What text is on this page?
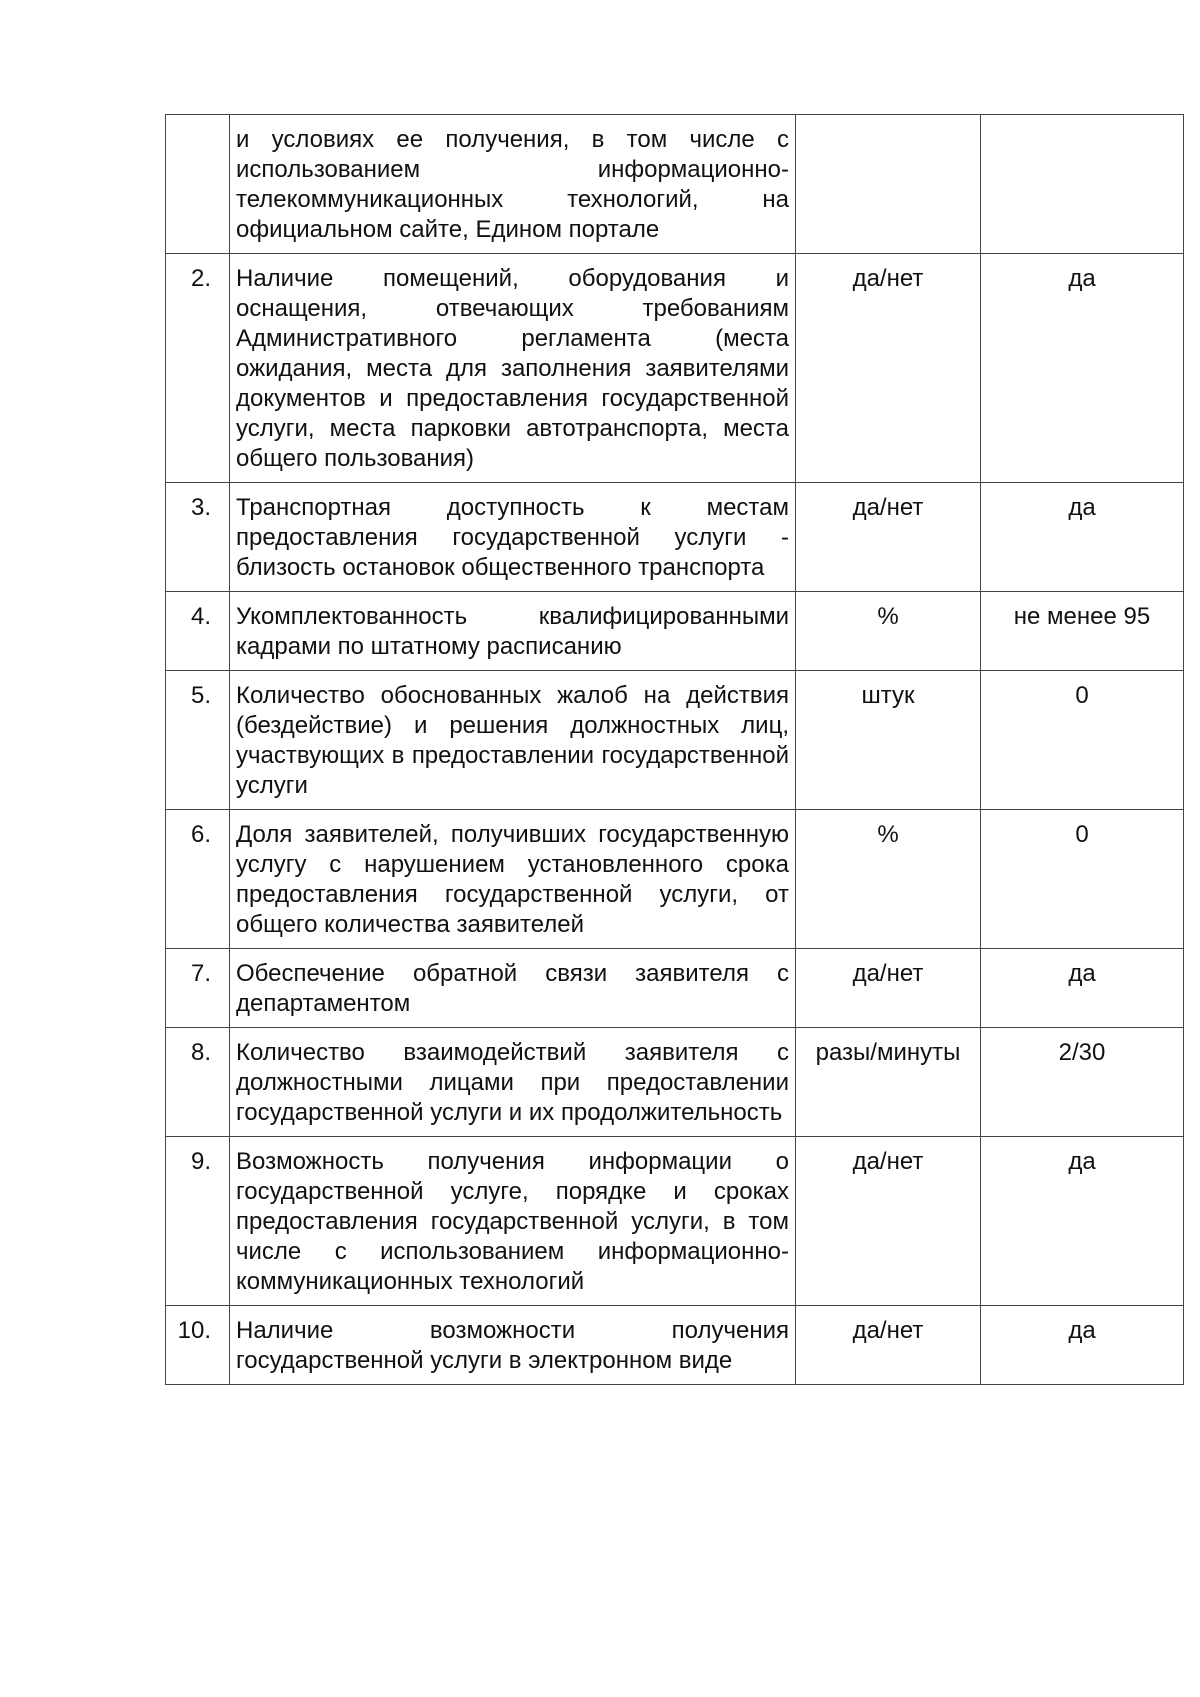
	и условиях ее получения, в том числе с использованием информационно-телекоммуникационных технологий, на официальном сайте, Едином портале		
2.	Наличие помещений, оборудования и оснащения, отвечающих требованиям Административного регламента (места ожидания, места для заполнения заявителями документов и предоставления государственной услуги, места парковки автотранспорта, места общего пользования)	да/нет	да
3.	Транспортная доступность к местам предоставления государственной услуги - близость остановок общественного транспорта	да/нет	да
4.	Укомплектованность квалифицированными кадрами по штатному расписанию	%	не менее 95
5.	Количество обоснованных жалоб на действия (бездействие) и решения должностных лиц, участвующих в предоставлении государственной услуги	штук	0
6.	Доля заявителей, получивших государственную услугу с нарушением установленного срока предоставления государственной услуги, от общего количества заявителей	%	0
7.	Обеспечение обратной связи заявителя с департаментом	да/нет	да
8.	Количество взаимодействий заявителя с должностными лицами при предоставлении государственной услуги и их продолжительность	разы/минуты	2/30
9.	Возможность получения информации о государственной услуге, порядке и сроках предоставления государственной услуги, в том числе с использованием информационно-коммуникационных технологий	да/нет	да
10.	Наличие возможности получения государственной услуги в электронном виде	да/нет	да
